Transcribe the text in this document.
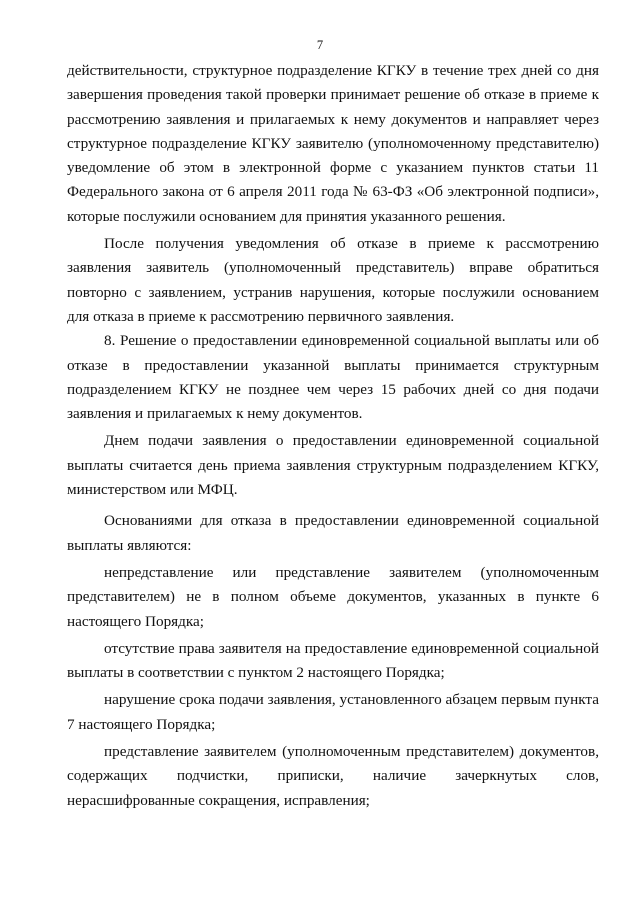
7

действительности, структурное подразделение КГКУ в течение трех дней со дня завершения проведения такой проверки принимает решение об отказе в приеме к рассмотрению заявления и прилагаемых к нему документов и направляет через структурное подразделение КГКУ заявителю (уполномоченному представителю) уведомление об этом в электронной форме с указанием пунктов статьи 11 Федерального закона от 6 апреля 2011 года № 63-ФЗ «Об электронной подписи», которые послужили основанием для принятия указанного решения.

После получения уведомления об отказе в приеме к рассмотрению заявления заявитель (уполномоченный представитель) вправе обратиться повторно с заявлением, устранив нарушения, которые послужили основанием для отказа в приеме к рассмотрению первичного заявления.

8. Решение о предоставлении единовременной социальной выплаты или об отказе в предоставлении указанной выплаты принимается структурным подразделением КГКУ не позднее чем через 15 рабочих дней со дня подачи заявления и прилагаемых к нему документов.

Днем подачи заявления о предоставлении единовременной социальной выплаты считается день приема заявления структурным подразделением КГКУ, министерством или МФЦ.

Основаниями для отказа в предоставлении единовременной социальной выплаты являются:

непредставление или представление заявителем (уполномоченным представителем) не в полном объеме документов, указанных в пункте 6 настоящего Порядка;

отсутствие права заявителя на предоставление единовременной социальной выплаты в соответствии с пунктом 2 настоящего Порядка;

нарушение срока подачи заявления, установленного абзацем первым пункта 7 настоящего Порядка;

представление заявителем (уполномоченным представителем) документов, содержащих подчистки, приписки, наличие зачеркнутых слов, нерасшифрованные сокращения, исправления;
